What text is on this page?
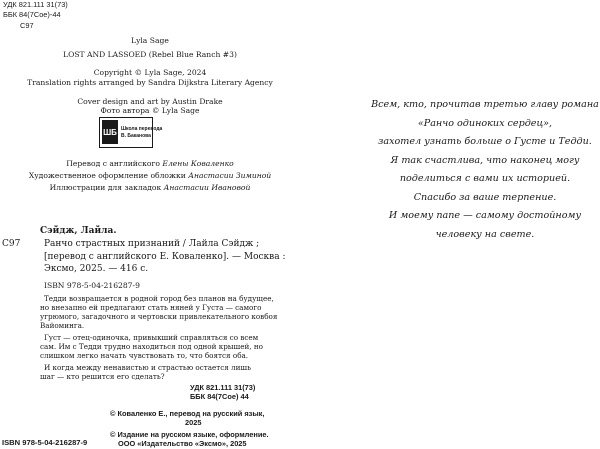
УДК 821.111 31(73)
ББК 84(7Сое)-44
С97
Lyla Sage
LOST AND LASSOED (Rebel Blue Ranch #3)
Copyright © Lyla Sage, 2024
Translation rights arranged by Sandra Dijkstra Literary Agency
Cover design and art by Austin Drake
Фото автора © Lyla Sage
ШБ Школа перевода
В. Баканова
Перевод с английского Елены Коваленко
Художественное оформление обложки Анастасии Зиминой
Иллюстрации для закладок Анастасии Ивановой
Сэйдж, Лайла.
С97	Ранчо страстных признаний / Лайла Сэйдж ;
[перевод с английского Е. Коваленко]. — Москва :
Эксмо, 2025. — 416 с.
ISBN 978-5-04-216287-9
Тедди возвращается в родной город без планов на будущее,
но внезапно ей предлагают стать няней у Густа — самого
угрюмого, загадочного и чертовски привлекательного ковбоя
Вайоминга.
Густ — отец-одиночка, привыкший справляться со всем
сам. Им с Тедди трудно находиться под одной крышей, но
слишком легко начать чувствовать то, что боятся оба.
И когда между ненавистью и страстью остается лишь
шаг — кто решится его сделать?
УДК 821.111 31(73)
ББК 84(7Сое) 44
© Коваленко Е., перевод на русский язык,
2025
© Издание на русском языке, оформление.
ООО «Издательство «Эксмо», 2025
ISBN 978-5-04-216287-9
Всем, кто, прочитав третью главу романа
«Ранчо одиноких сердец»,
захотел узнать больше о Густе и Тедди.
Я так счастлива, что наконец могу
поделиться с вами их историей.
Спасибо за ваше терпение.
И моему папе — самому достойному
человеку на свете.
